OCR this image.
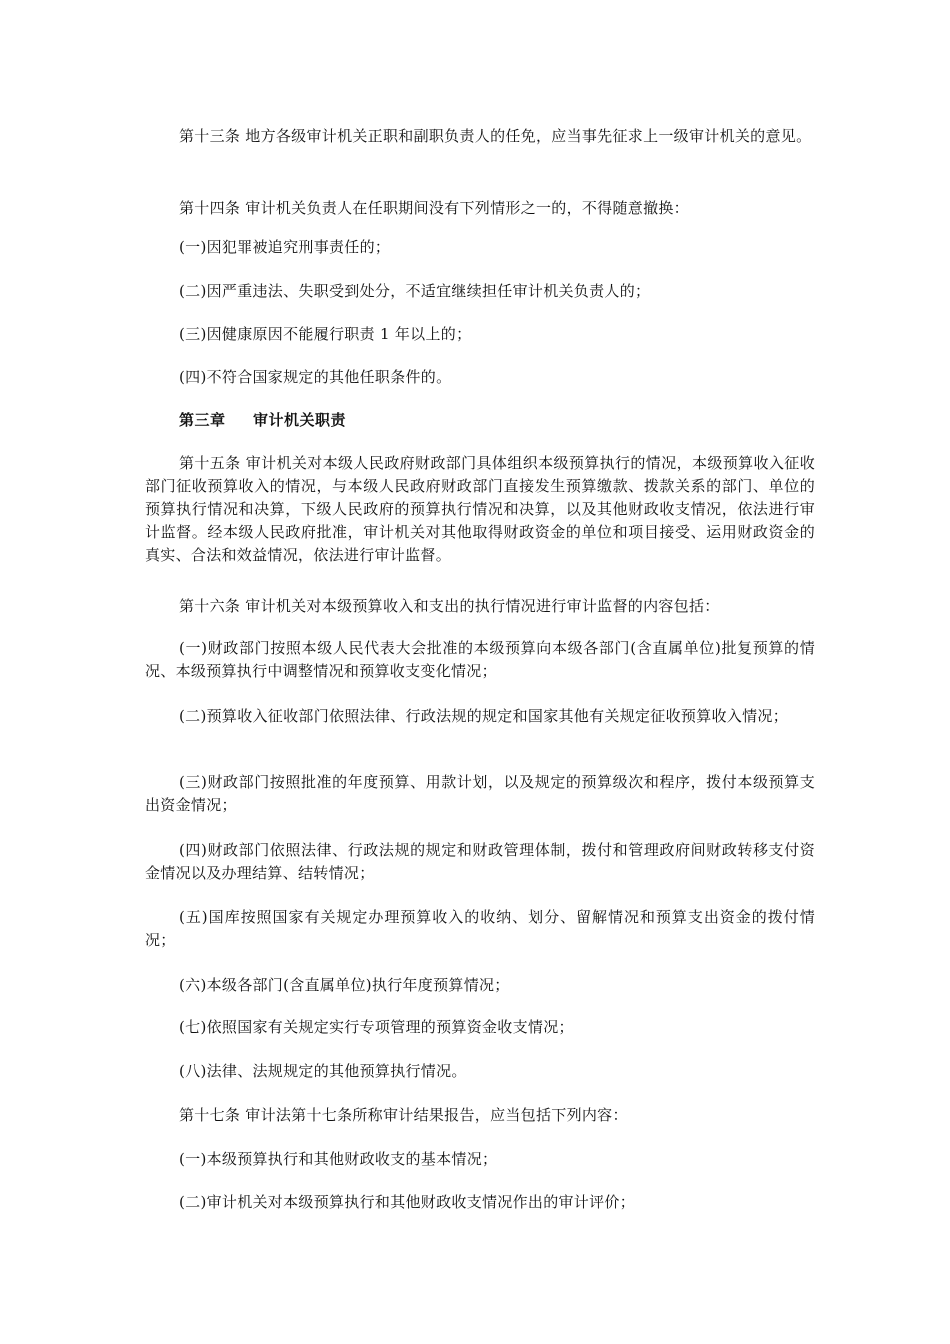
第十三条 地方各级审计机关正职和副职负责人的任免，应当事先征求上一级审计机关的意见。

第十四条 审计机关负责人在任职期间没有下列情形之一的，不得随意撤换：

(一)因犯罪被追究刑事责任的；

(二)因严重违法、失职受到处分，不适宜继续担任审计机关负责人的；

(三)因健康原因不能履行职责 1 年以上的；

(四)不符合国家规定的其他任职条件的。

第三章 审计机关职责

第十五条 审计机关对本级人民政府财政部门具体组织本级预算执行的情况，本级预算收入征收部门征收预算收入的情况，与本级人民政府财政部门直接发生预算缴款、拨款关系的部门、单位的预算执行情况和决算，下级人民政府的预算执行情况和决算，以及其他财政收支情况，依法进行审计监督。经本级人民政府批准，审计机关对其他取得财政资金的单位和项目接受、运用财政资金的真实、合法和效益情况，依法进行审计监督。

第十六条 审计机关对本级预算收入和支出的执行情况进行审计监督的内容包括：

(一)财政部门按照本级人民代表大会批准的本级预算向本级各部门(含直属单位)批复预算的情况、本级预算执行中调整情况和预算收支变化情况；

(二)预算收入征收部门依照法律、行政法规的规定和国家其他有关规定征收预算收入情况；

(三)财政部门按照批准的年度预算、用款计划，以及规定的预算级次和程序，拨付本级预算支出资金情况；

(四)财政部门依照法律、行政法规的规定和财政管理体制，拨付和管理政府间财政转移支付资金情况以及办理结算、结转情况；

(五)国库按照国家有关规定办理预算收入的收纳、划分、留解情况和预算支出资金的拨付情况；

(六)本级各部门(含直属单位)执行年度预算情况；

(七)依照国家有关规定实行专项管理的预算资金收支情况；

(八)法律、法规规定的其他预算执行情况。

第十七条 审计法第十七条所称审计结果报告，应当包括下列内容：

(一)本级预算执行和其他财政收支的基本情况；

(二)审计机关对本级预算执行和其他财政收支情况作出的审计评价；
